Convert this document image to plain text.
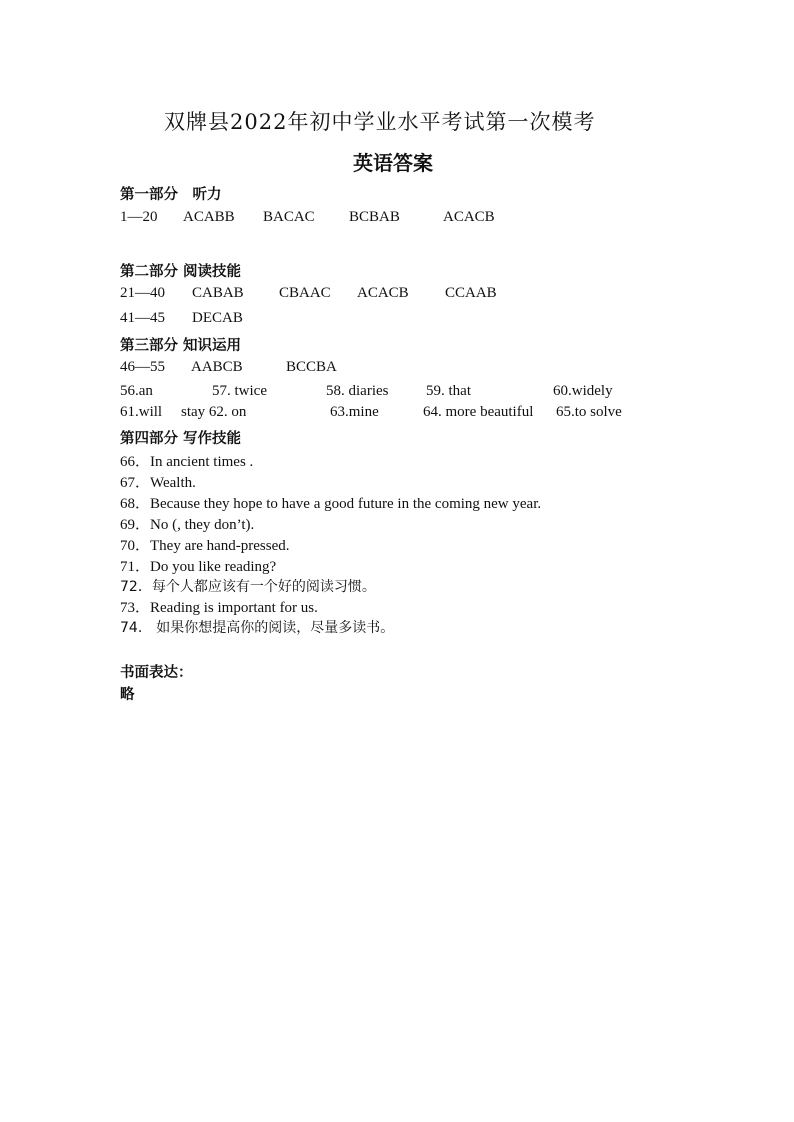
双牌县2022年初中学业水平考试第一次模考
英语答案
第一部分　听力
1—20 ACABB BACAC BCBAB	ACACB
第二部分 阅读技能
21—40 CABAB CBAAC ACACB CCAAB
41—45 DECAB
第三部分 知识运用
46—55 AABCB	BCCBA
56.an	57. twice	58. diaries	59. that	60.widely
61.will stay 62. on	63.mine	64. more beautiful 65.to solve
第四部分 写作技能
66．In ancient times .
67．Wealth.
68．Because they hope to have a good future in the coming new year.
69．No (, they don’t).
70．They are hand-pressed.
71．Do you like reading?
72．每个人都应该有一个好的阅读习惯。
73．Reading is important for us.
74.　如果你想提高你的阅读，尽量多读书。
书面表达：
略
